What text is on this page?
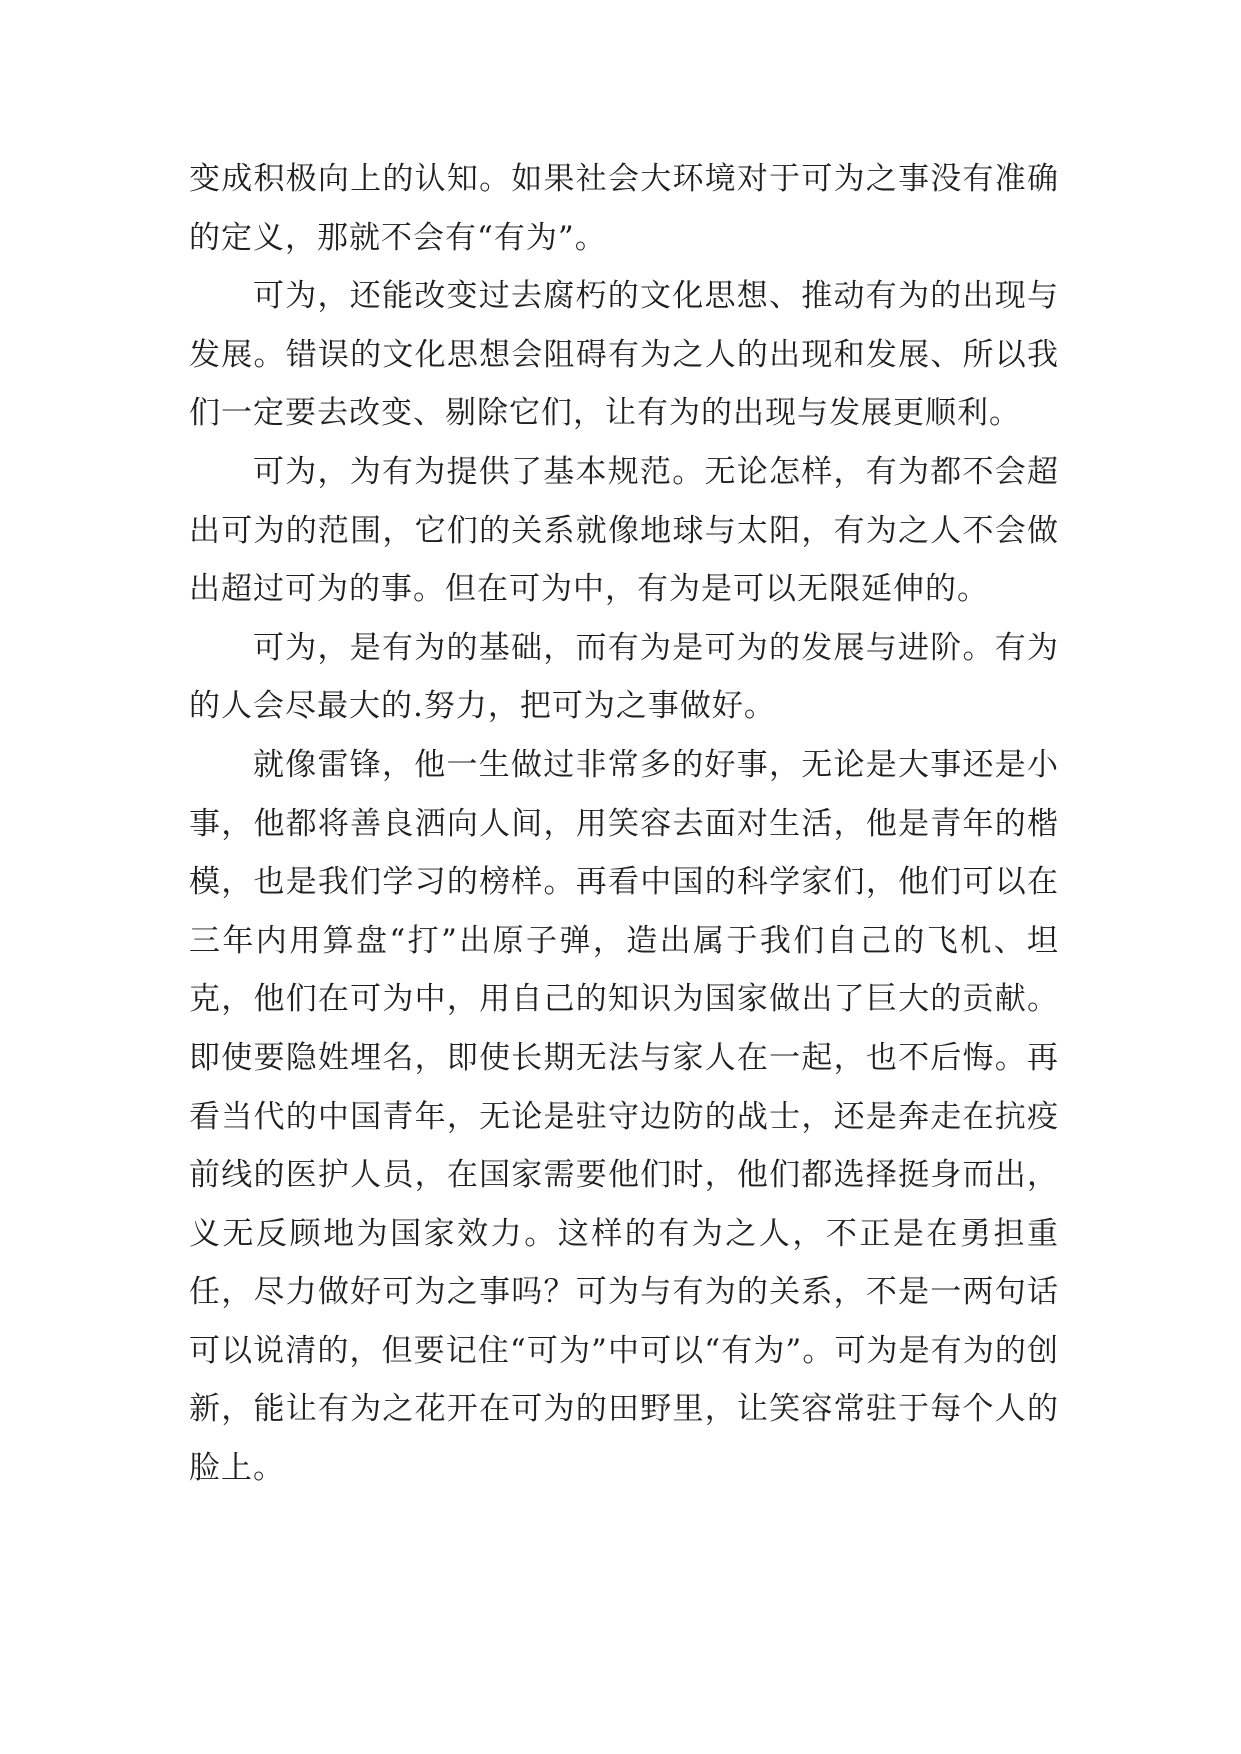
变成积极向上的认知。如果社会大环境对于可为之事没有准确的定义，那就不会有“有为”。

可为，还能改变过去腐朽的文化思想、推动有为的出现与发展。错误的文化思想会阻碍有为之人的出现和发展、所以我们一定要去改变、剔除它们，让有为的出现与发展更顺利。

可为，为有为提供了基本规范。无论怎样，有为都不会超出可为的范围，它们的关系就像地球与太阳，有为之人不会做出超过可为的事。但在可为中，有为是可以无限延伸的。

可为，是有为的基础，而有为是可为的发展与进阶。有为的人会尽最大的.努力，把可为之事做好。

就像雷锋，他一生做过非常多的好事，无论是大事还是小事，他都将善良洒向人间，用笑容去面对生活，他是青年的楷模，也是我们学习的榜样。再看中国的科学家们，他们可以在三年内用算盘“打”出原子弹，造出属于我们自己的飞机、坦克，他们在可为中，用自己的知识为国家做出了巨大的贡献。即使要隐姓埋名，即使长期无法与家人在一起，也不后悔。再看当代的中国青年，无论是驻守边防的战士，还是奔走在抗疫前线的医护人员，在国家需要他们时，他们都选择挺身而出，义无反顾地为国家效力。这样的有为之人，不正是在勇担重任，尽力做好可为之事吗？可为与有为的关系，不是一两句话可以说清的，但要记住“可为”中可以“有为”。可为是有为的创新，能让有为之花开在可为的田野里，让笑容常驻于每个人的脸上。
